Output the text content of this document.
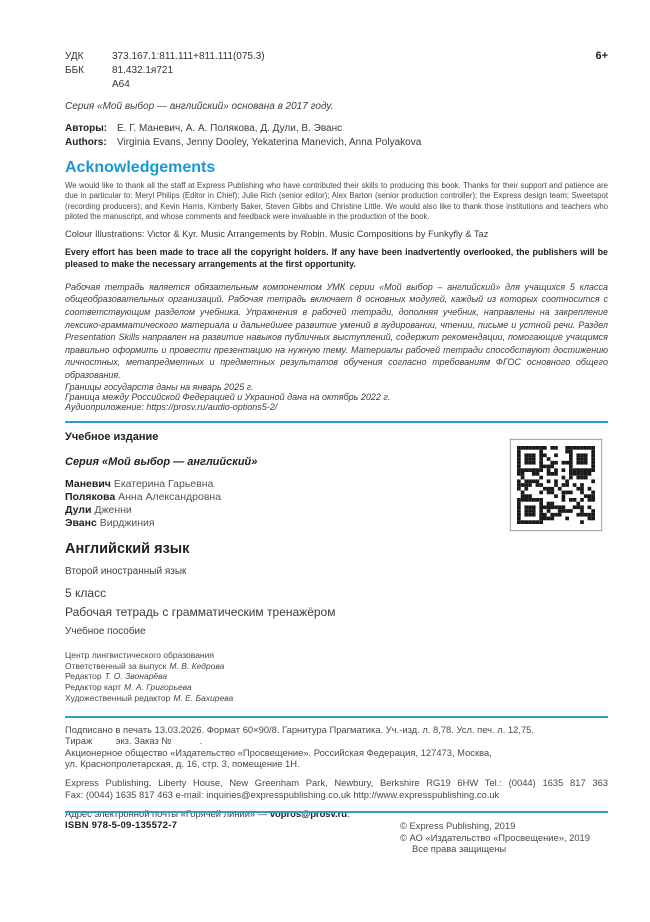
УДК	373.167.1:811.111+811.111(075.3)
ББК	81.432.1я721
А64
6+
Серия «Мой выбор — английский» основана в 2017 году.
Авторы: Е. Г. Маневич, А. А. Полякова, Д. Дули, В. Эванс
Authors:	Virginia Evans, Jenny Dooley, Yekaterina Manevich, Anna Polyakova
Acknowledgements
We would like to thank all the staff at Express Publishing who have contributed their skills to producing this book. Thanks for their support and patience are due in particular to: Meryl Philips (Editor in Chief); Julie Rich (senior editor); Alex Barton (senior production controller); the Express design team; Sweetspot (recording producers); and Kevin Harris, Kimberly Baker, Steven Gibbs and Christine Little. We would also like to thank those institutions and teachers who piloted the manuscript, and whose comments and feedback were invaluable in the production of the book.
Colour Illustrations: Victor & Kyr. Music Arrangements by Robin. Music Compositions by Funkyfly & Taz
Every effort has been made to trace all the copyright holders. If any have been inadvertently overlooked, the publishers will be pleased to make the necessary arrangements at the first opportunity.
Рабочая тетрадь является обязательным компонентом УМК серии «Мой выбор – английский» для учащихся 5 класса общеобразовательных организаций. Рабочая тетрадь включает 8 основных модулей, каждый из которых соотносится с соответствующим разделом учебника. Упражнения в рабочей тетради, дополняя учебник, направлены на закрепление лексико-грамматического материала и дальнейшее развитие умений в аудировании, чтении, письме и устной речи. Раздел Presentation Skills направлен на развитие навыков публичных выступлений, содержит рекомендации, помогающие учащимся правильно оформить и провести презентацию на нужную тему. Материалы рабочей тетради способствуют достижению личностных, метапредметных и предметных результатов обучения согласно требованиям ФГОС основного общего образования.
Границы государств даны на январь 2025 г.
Граница между Российской Федерацией и Украиной дана на октябрь 2022 г.
Аудиоприложение: https://prosv.ru/audio-options5-2/
Учебное издание
Серия «Мой выбор — английский»
Маневич Екатерина Гарьевна
Полякова Анна Александровна
Дули Дженни
Эванс Вирджиния
Английский язык
Второй иностранный язык
5 класс
Рабочая тетрадь с грамматическим тренажёром
Учебное пособие
Центр лингвистического образования
Ответственный за выпуск М. В. Кедрова
Редактор Т. О. Звонарёва
Редактор карт М. А. Григорьева
Художественный редактор М. Е. Бахирева
Подписано в печать 13.03.2026. Формат 60×90/8. Гарнитура Прагматика. Уч.-изд. л. 8,78. Усл. печ. л. 12,75.
Тираж   экз. Заказ №    .
Акционерное общество «Издательство «Просвещение». Российская Федерация, 127473, Москва,
ул. Краснопролетарская, д. 16, стр. 3, помещение 1Н.
Express Publishing. Liberty House, New Greenham Park, Newbury, Berkshire RG19 6HW Tel.: (0044) 1635 817 363
Fax: (0044) 1635 817 463 e-mail: inquiries@expresspublishing.co.uk http://www.expresspublishing.co.uk
Адрес электронной почты «Горячей линии» — vopros@prosv.ru.
ISBN 978-5-09-135572-7	© Express Publishing, 2019
© АО «Издательство «Просвещение», 2019
Все права защищены
